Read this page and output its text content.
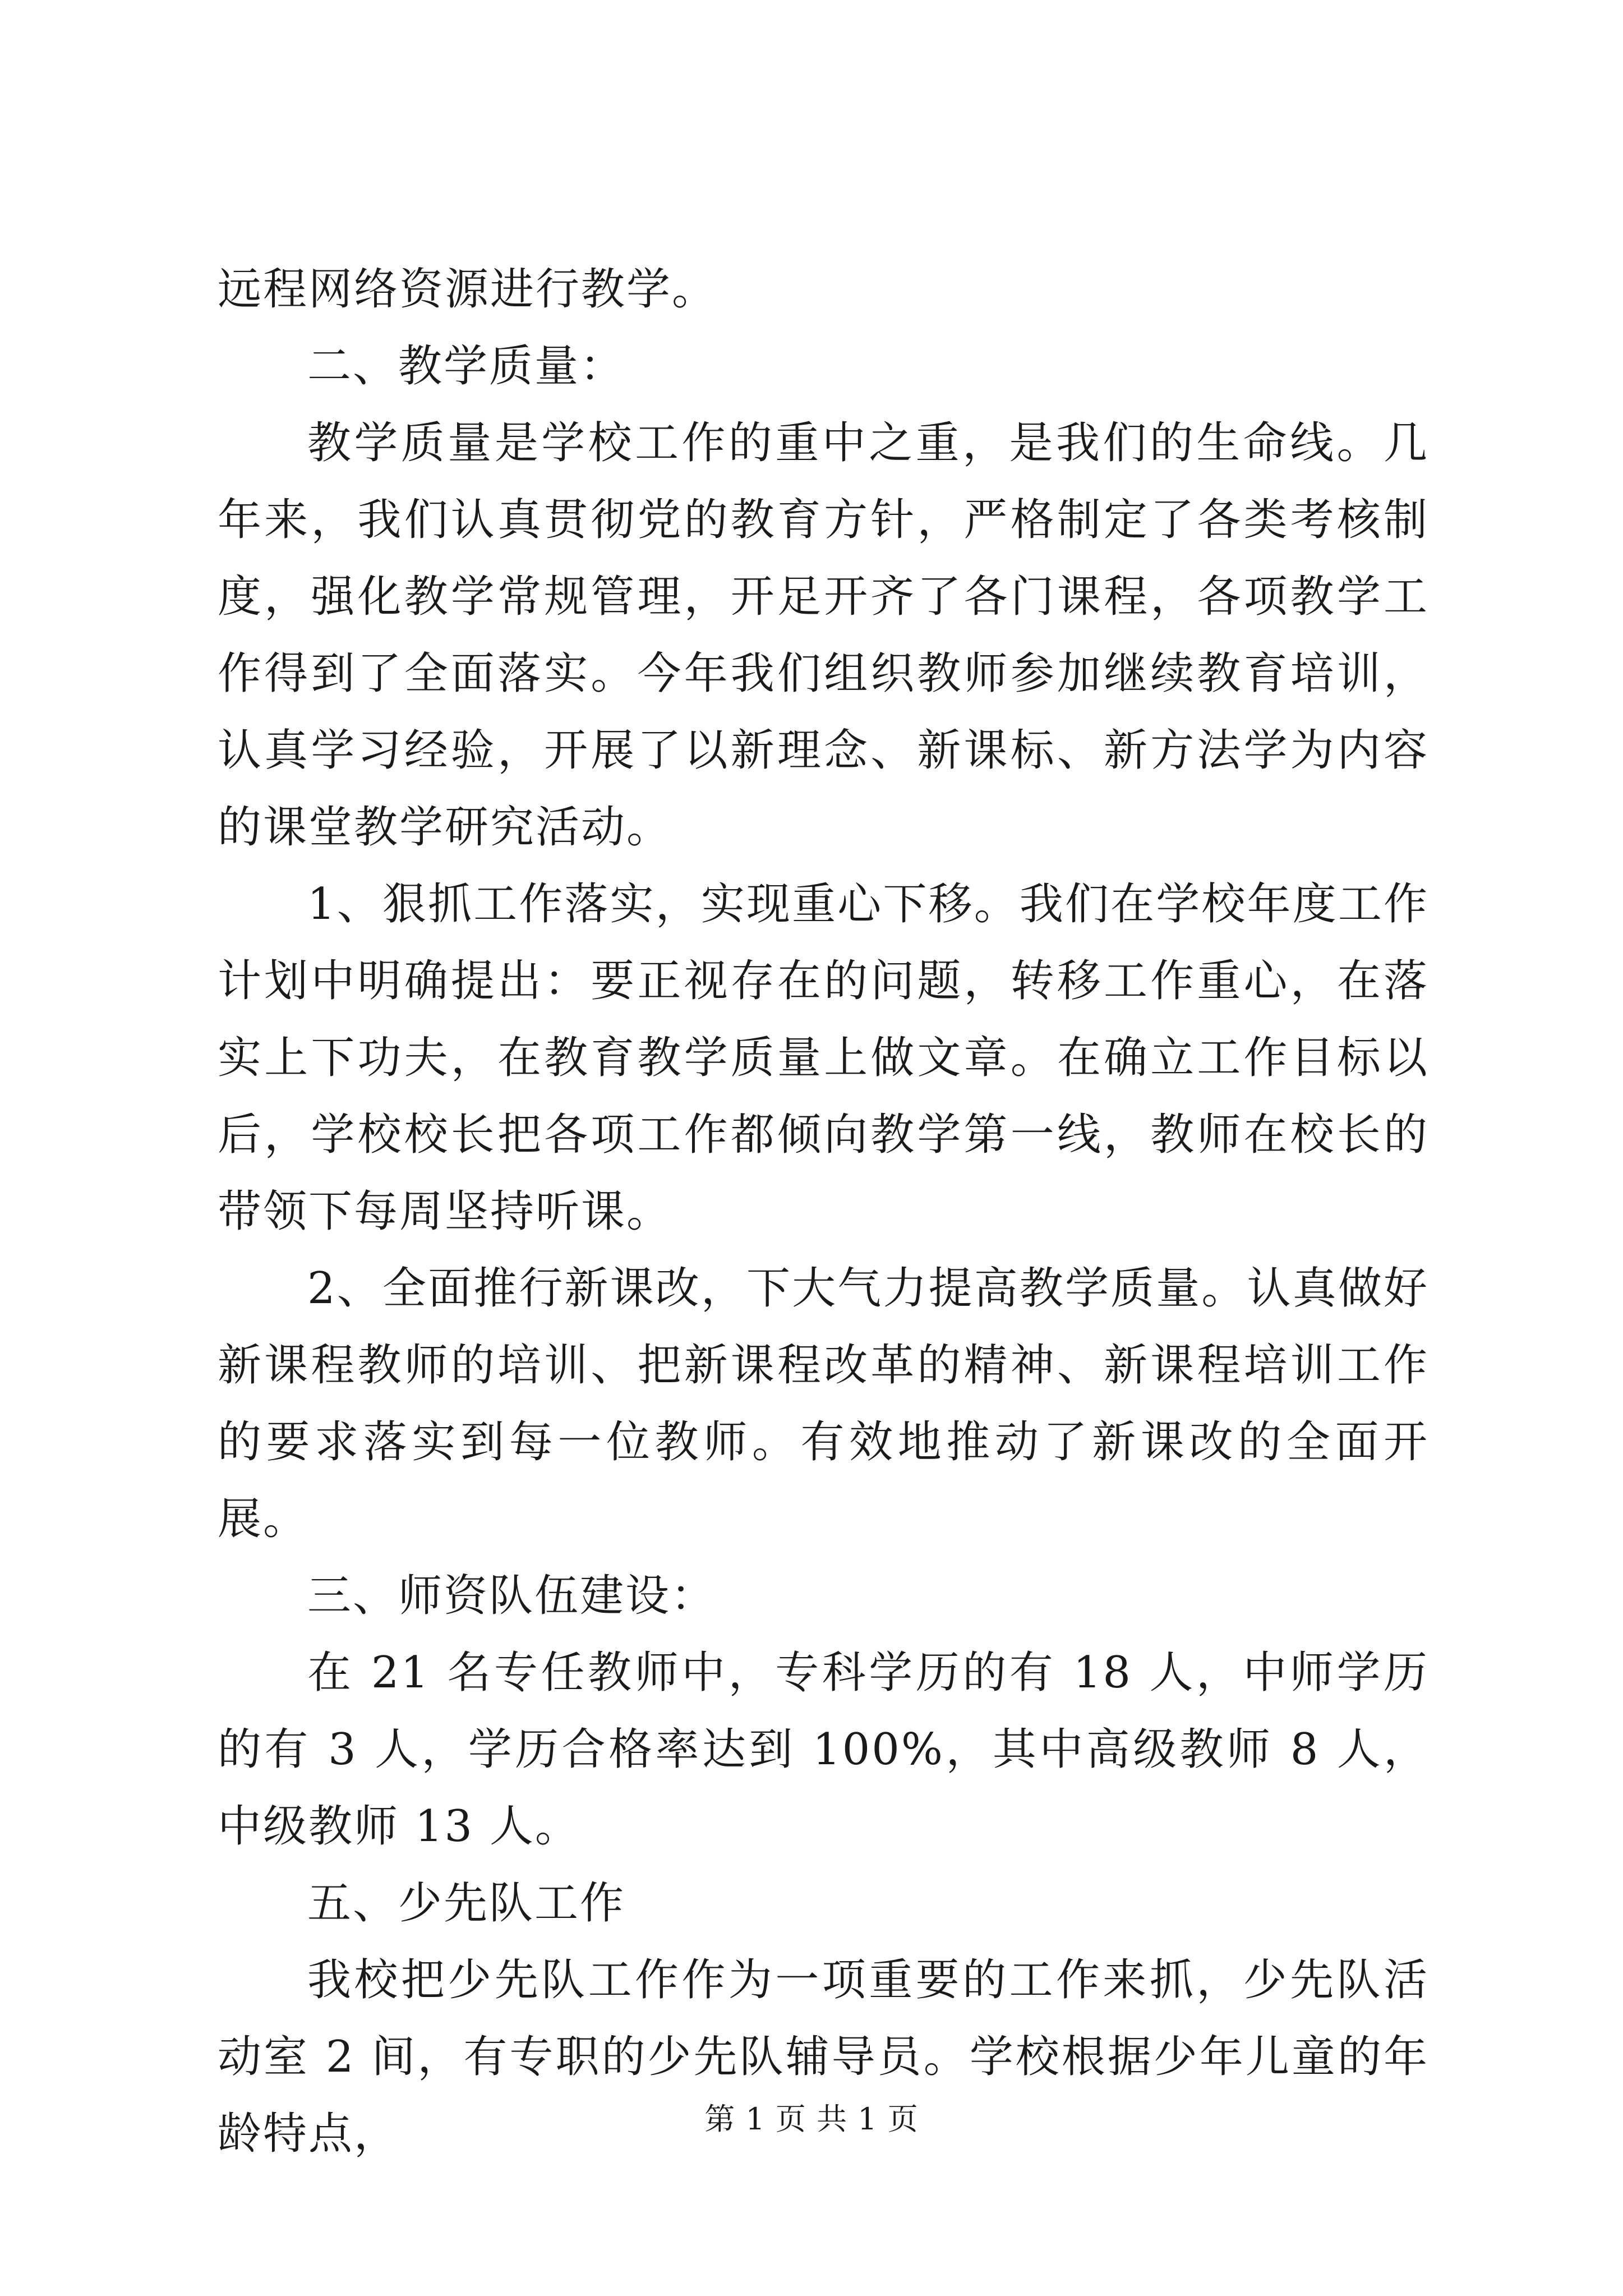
远程网络资源进行教学。

二、教学质量：

教学质量是学校工作的重中之重，是我们的生命线。几年来，我们认真贯彻党的教育方针，严格制定了各类考核制度，强化教学常规管理，开足开齐了各门课程，各项教学工作得到了全面落实。今年我们组织教师参加继续教育培训，认真学习经验，开展了以新理念、新课标、新方法学为内容的课堂教学研究活动。

1、狠抓工作落实，实现重心下移。我们在学校年度工作计划中明确提出：要正视存在的问题，转移工作重心，在落实上下功夫，在教育教学质量上做文章。在确立工作目标以后，学校校长把各项工作都倾向教学第一线，教师在校长的带领下每周坚持听课。

2、全面推行新课改，下大气力提高教学质量。认真做好新课程教师的培训、把新课程改革的精神、新课程培训工作的要求落实到每一位教师。有效地推动了新课改的全面开展。

三、师资队伍建设：

在 21 名专任教师中，专科学历的有 18 人，中师学历的有 3 人，学历合格率达到 100%，其中高级教师 8 人，中级教师 13 人。

五、少先队工作

我校把少先队工作作为一项重要的工作来抓，少先队活动室 2 间，有专职的少先队辅导员。学校根据少年儿童的年龄特点，	第 1 页 共 1 页
